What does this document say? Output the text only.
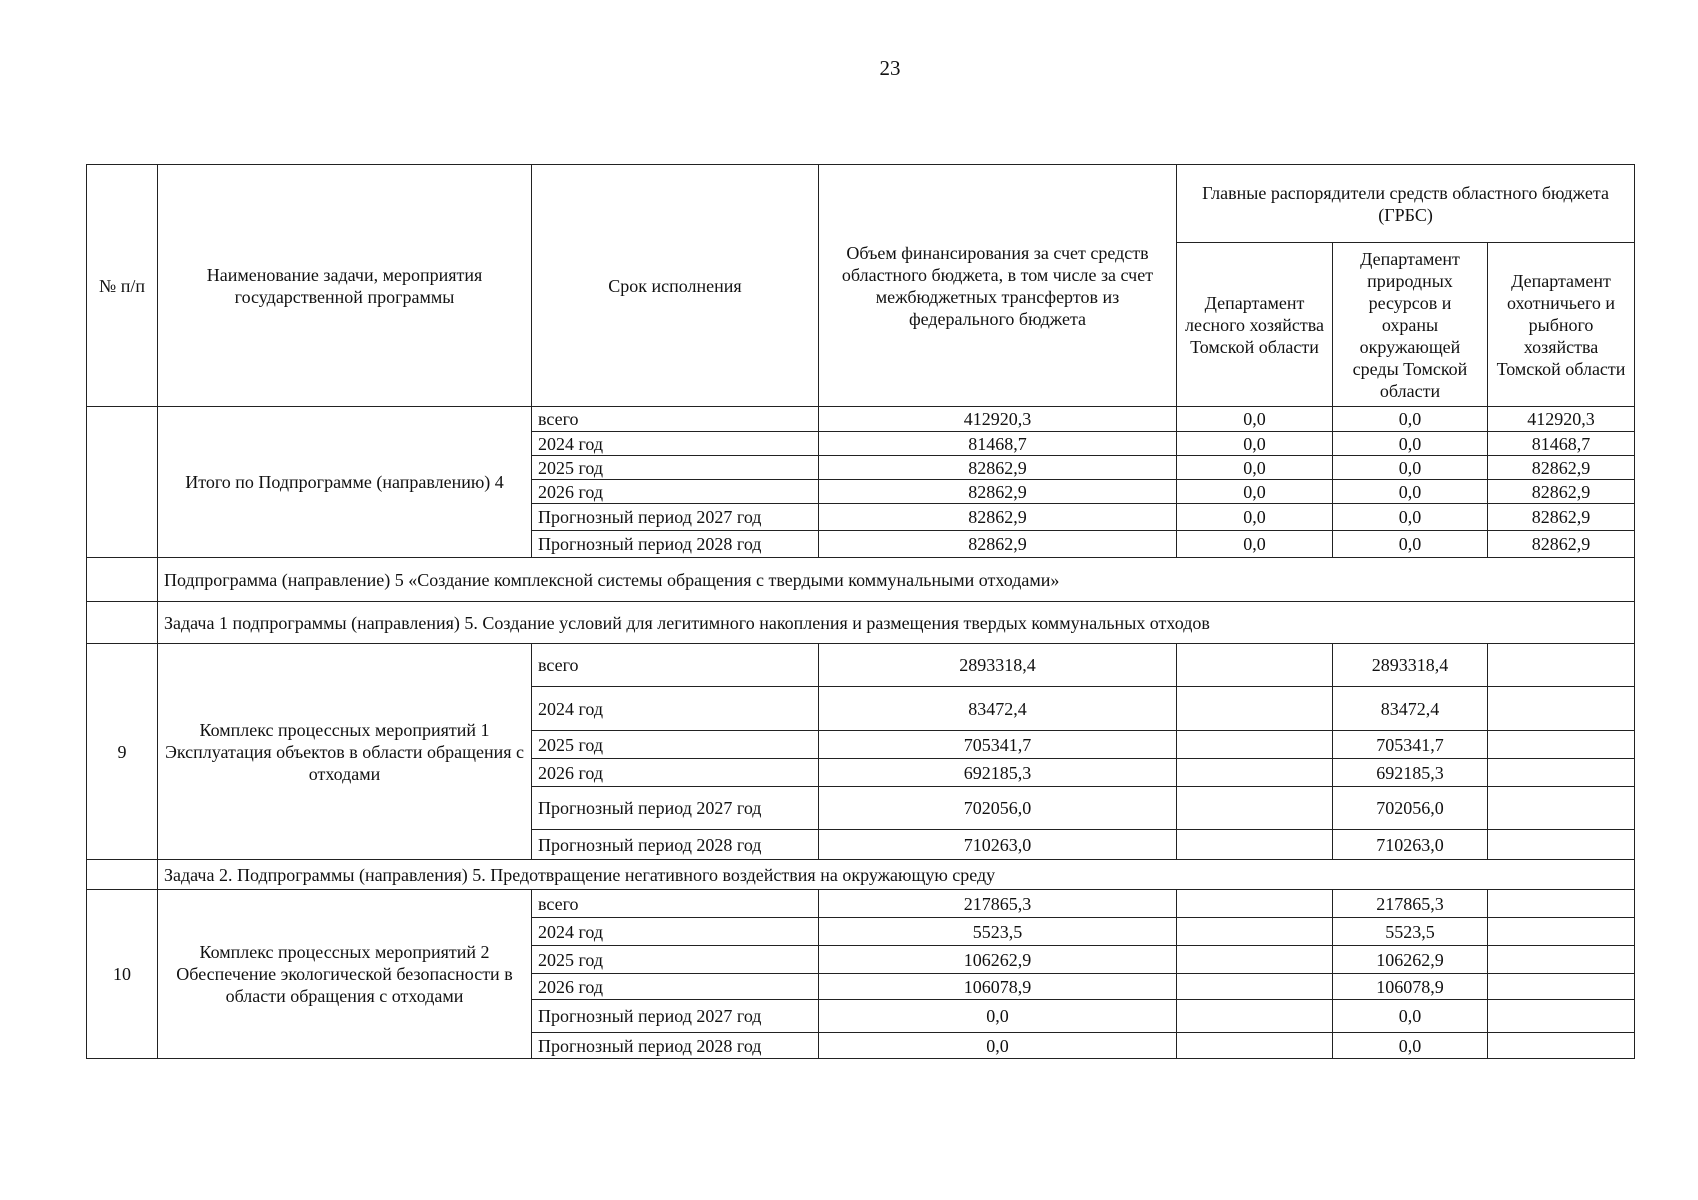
23
№ п/п	Наименование задачи, мероприятия государственной программы	Срок исполнения	Объем финансирования за счет средств областного бюджета, в том числе за счет межбюджетных трансфертов из федерального бюджета	Главные распорядители средств областного бюджета (ГРБС)		
				Департамент лесного хозяйства Томской области	Департамент природных ресурсов и охраны окружающей среды Томской области	Департамент охотничьего и рыбного хозяйства Томской области
	Итого по Подпрограмме (направлению) 4	всего	412920,3	0,0	0,0	412920,3
		2024 год	81468,7	0,0	0,0	81468,7
		2025 год	82862,9	0,0	0,0	82862,9
		2026 год	82862,9	0,0	0,0	82862,9
		Прогнозный период 2027 год	82862,9	0,0	0,0	82862,9
		Прогнозный период 2028 год	82862,9	0,0	0,0	82862,9
	Подпрограмма (направление) 5 «Создание комплексной системы обращения с твердыми коммунальными отходами»					
	Задача 1 подпрограммы (направления) 5. Создание условий для легитимного накопления и размещения твердых коммунальных отходов					
9	Комплекс процессных мероприятий 1 Эксплуатация объектов в области обращения с отходами	всего	2893318,4		2893318,4	
		2024 год	83472,4		83472,4	
		2025 год	705341,7		705341,7	
		2026 год	692185,3		692185,3	
		Прогнозный период 2027 год	702056,0		702056,0	
		Прогнозный период 2028 год	710263,0		710263,0	
	Задача 2. Подпрограммы (направления) 5. Предотвращение негативного воздействия на окружающую среду					
10	Комплекс процессных мероприятий 2 Обеспечение экологической безопасности в области обращения с отходами	всего	217865,3		217865,3	
		2024 год	5523,5		5523,5	
		2025 год	106262,9		106262,9	
		2026 год	106078,9		106078,9	
		Прогнозный период 2027 год	0,0		0,0	
		Прогнозный период 2028 год	0,0		0,0	
